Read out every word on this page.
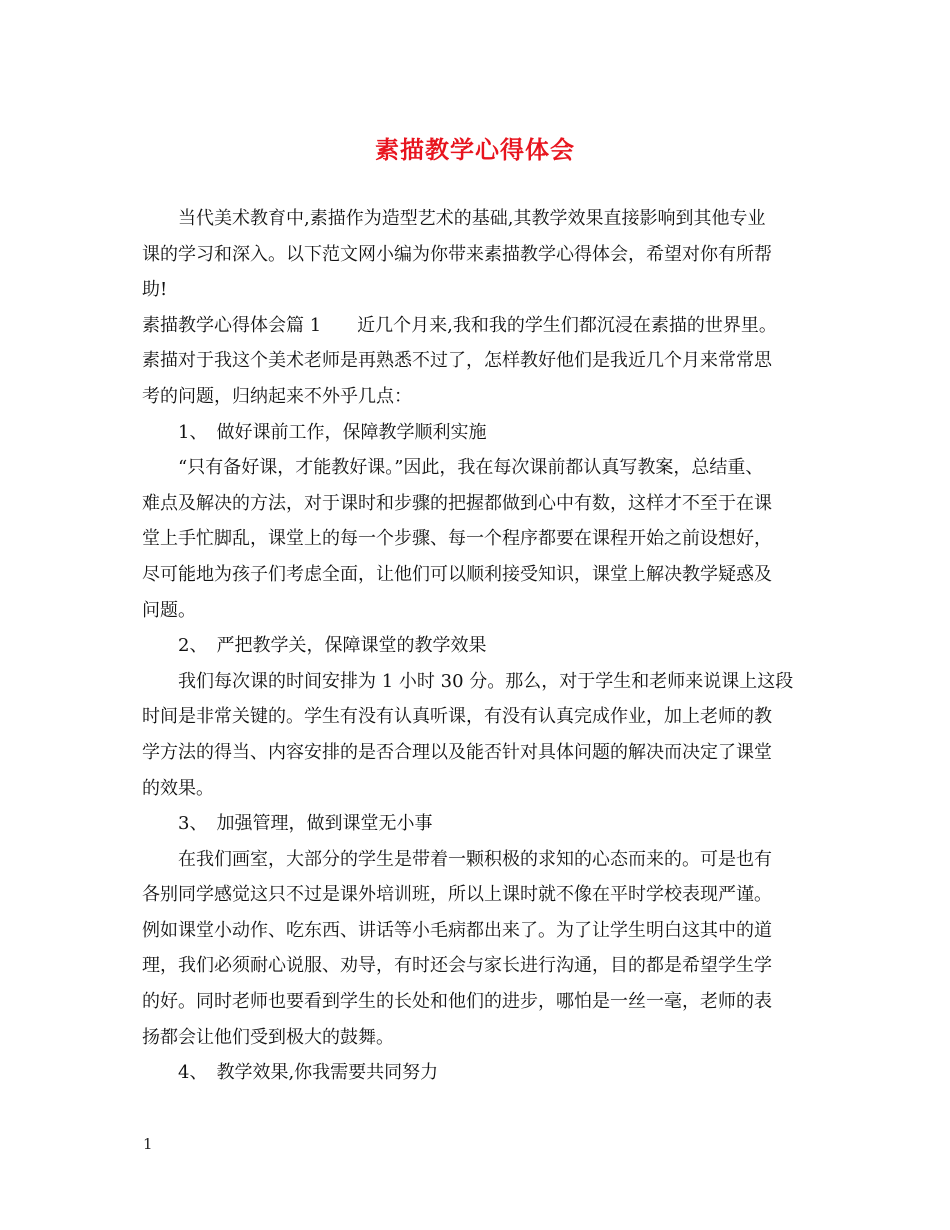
素描教学心得体会

当代美术教育中,素描作为造型艺术的基础,其教学效果直接影响到其他专业

课的学习和深入。以下范文网小编为你带来素描教学心得体会，希望对你有所帮

助!

素描教学心得体会篇 1　　近几个月来,我和我的学生们都沉浸在素描的世界里。

素描对于我这个美术老师是再熟悉不过了，怎样教好他们是我近几个月来常常思

考的问题，归纳起来不外乎几点：

1、　做好课前工作，保障教学顺利实施

“只有备好课，才能教好课。”因此，我在每次课前都认真写教案，总结重、

难点及解决的方法，对于课时和步骤的把握都做到心中有数，这样才不至于在课

堂上手忙脚乱，课堂上的每一个步骤、每一个程序都要在课程开始之前设想好，

尽可能地为孩子们考虑全面，让他们可以顺利接受知识，课堂上解决教学疑惑及

问题。

2、　严把教学关，保障课堂的教学效果

我们每次课的时间安排为 1 小时 30 分。那么，对于学生和老师来说课上这段

时间是非常关键的。学生有没有认真听课，有没有认真完成作业，加上老师的教

学方法的得当、内容安排的是否合理以及能否针对具体问题的解决而决定了课堂

的效果。

3、　加强管理，做到课堂无小事

在我们画室，大部分的学生是带着一颗积极的求知的心态而来的。可是也有

各别同学感觉这只不过是课外培训班，所以上课时就不像在平时学校表现严谨。

例如课堂小动作、吃东西、讲话等小毛病都出来了。为了让学生明白这其中的道

理，我们必须耐心说服、劝导，有时还会与家长进行沟通，目的都是希望学生学

的好。同时老师也要看到学生的长处和他们的进步，哪怕是一丝一毫，老师的表

扬都会让他们受到极大的鼓舞。

4、　教学效果,你我需要共同努力

1
